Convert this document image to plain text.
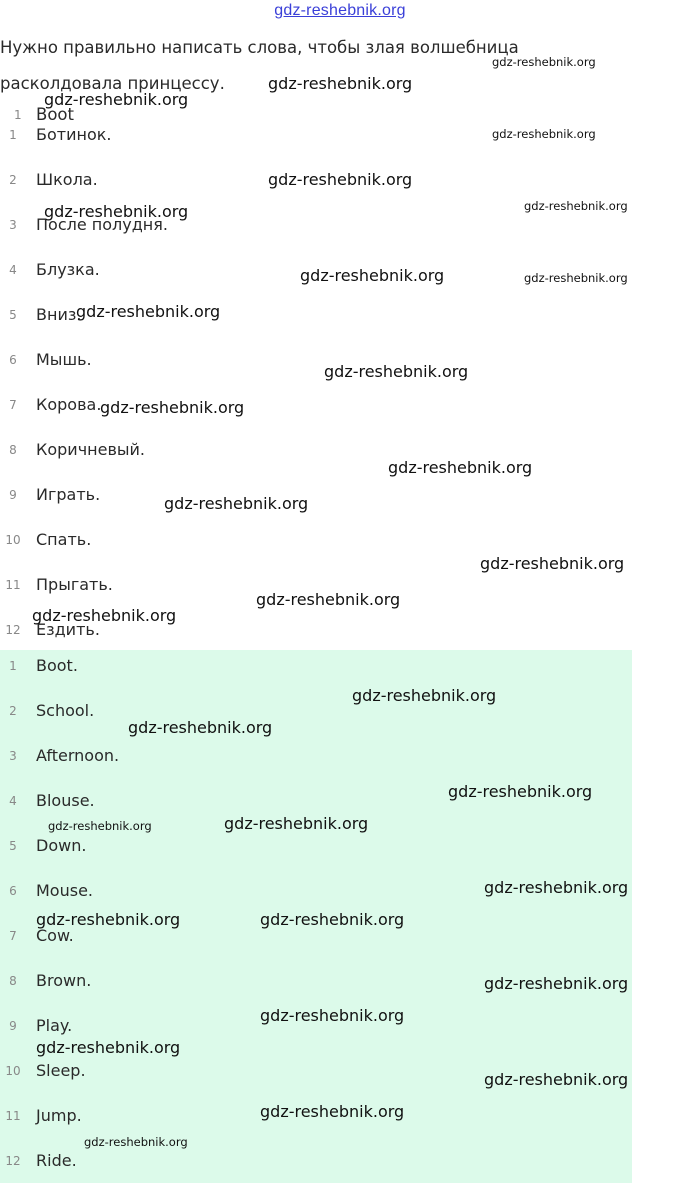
gdz-reshebnik.org
Нужно правильно написать слова, чтобы злая волшебница расколдовала принцессу.
1 Boot
1	Ботинок.
2	Школа.
3	После полудня.
4	Блузка.
5	Вниз.
6	Мышь.
7	Корова.
8	Коричневый.
9	Играть.
10 Спать.
11 Прыгать.
12 Ездить.
1	Boot.
2	School.
3	Afternoon.
4	Blouse.
5	Down.
6	Mouse.
7	Cow.
8	Brown.
9	Play.
10 Sleep.
11 Jump.
12 Ride.
gdz-reshebnik.org
gdz-reshebnik.org
gdz-reshebnik.org
gdz-reshebnik.org
gdz-reshebnik.org
gdz-reshebnik.org
gdz-reshebnik.org
gdz-reshebnik.org	gdz-reshebnik.org
gdz-reshebnik.org
gdz-reshebnik.org
gdz-reshebnik.org
gdz-reshebnik.org
gdz-reshebnik.org
gdz-reshebnik.org
gdz-reshebnik.org
gdz-reshebnik.org
gdz-reshebnik.org
gdz-reshebnik.org
gdz-reshebnik.org
gdz-reshebnik.org
gdz-reshebnik.org
gdz-reshebnik.org
gdz-reshebnik.org	gdz-reshebnik.org
gdz-reshebnik.org
gdz-reshebnik.org
gdz-reshebnik.org
gdz-reshebnik.org
gdz-reshebnik.org
gdz-reshebnik.org
